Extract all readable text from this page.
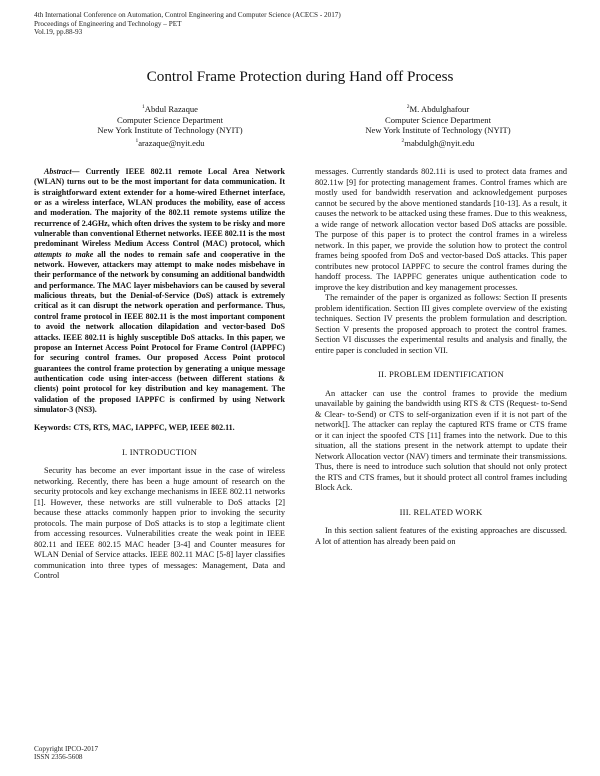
4th International Conference on Automation, Control Engineering and Computer Science (ACECS - 2017)
Proceedings of Engineering and Technology – PET
Vol.19, pp.88-93
Control Frame Protection during Hand off Process
$^1$Abdul Razaque
Computer Science Department
New York Institute of Technology (NYIT)
$^1$arazaque@nyit.edu
$^2$M. Abdulghafour
Computer Science Department
New York Institute of Technology (NYIT)
$^2$mabdulgh@nyit.edu

Abstract— Currently IEEE 802.11 remote Local Area Network (WLAN) turns out to be the most important for data communication. It is straightforward extent extender for a home-wired Ethernet interface, or as a wireless interface, WLAN produces the mobility, ease of access and moderation. The majority of the 802.11 remote systems utilize the recurrence of 2.4GHz, which often drives the system to be risky and more vulnerable than conventional Ethernet networks. IEEE 802.11 is the most predominant Wireless Medium Access Control (MAC) protocol, which attempts to make all the nodes to remain safe and cooperative in the network. However, attackers may attempt to make nodes misbehave in their performance of the network by consuming an additional bandwidth and performance. The MAC layer misbehaviors can be caused by several malicious threats, but the Denial-of-Service (DoS) attack is extremely critical as it can disrupt the network operation and performance. Thus, control frame protocol in IEEE 802.11 is the most important component to avoid the network allocation dilapidation and vector-based DoS attacks. IEEE 802.11 is highly susceptible DoS attacks. In this paper, we propose an Internet Access Point Protocol for Frame Control (IAPPFC) for securing control frames. Our proposed Access Point protocol guarantees the control frame protection by generating a unique message authentication code using inter-access (between different stations & clients) point protocol for key distribution and key management. The validation of the proposed IAPPFC is confirmed by using Network simulator-3 (NS3).

Keywords: CTS, RTS, MAC, IAPPFC, WEP, IEEE 802.11.
I. INTRODUCTION

Security has become an ever important issue in the case of wireless networking. Recently, there has been a huge amount of research on the security protocols and key exchange mechanisms in IEEE 802.11 networks [1]. However, these networks are still vulnerable to DoS attacks [2] because these attacks commonly happen prior to invoking the security protocols. The main purpose of DoS attacks is to stop a legitimate client from accessing resources. Vulnerabilities create the weak point in IEEE 802.11 and IEEE 802.15 MAC header [3-4] and Counter measures for WLAN Denial of Service attacks. IEEE 802.11 MAC [5-8] layer classifies communication into three types of messages: Management, Data and Control

messages. Currently standards 802.11i is used to protect data frames and 802.11w [9] for protecting management frames. Control frames which are mostly used for bandwidth reservation and acknowledgement purposes cannot be secured by the above mentioned standards [10-13]. As a result, it causes the network to be attacked using these frames. Due to this weakness, a wide range of network allocation vector based DoS attacks are possible. The purpose of this paper is to protect the control frames in a wireless network. In this paper, we provide the solution how to protect the control frames being spoofed from DoS and vector-based DoS attacks. This paper contributes new protocol IAPPFC to secure the control frames during the handoff process. The IAPPFC generates unique authentication code to improve the key distribution and key management processes.

The remainder of the paper is organized as follows: Section II presents problem identification. Section III gives complete overview of the existing techniques. Section IV presents the problem formulation and description. Section V presents the proposed approach to protect the control frames. Section VI discusses the experimental results and analysis and finally, the entire paper is concluded in section VII.

II. PROBLEM IDENTIFICATION

An attacker can use the control frames to provide the medium unavailable by gaining the bandwidth using RTS & CTS (Request- to-Send & Clear- to-Send) or CTS to self-organization even if it is not part of the network[]. The attacker can replay the captured RTS frame or CTS frame or it can inject the spoofed CTS [11] frames into the network. Due to this situation, all the stations present in the network attempt to update their Network Allocation vector (NAV) timers and terminate their transmissions. Thus, there is need to introduce such solution that should not only protect the RTS and CTS frames, but it should protect all control frames including Block Ack.

III. RELATED WORK

In this section salient features of the existing approaches are discussed. A lot of attention has already been paid on

Copyright IPCO-2017
ISSN 2356-5608
